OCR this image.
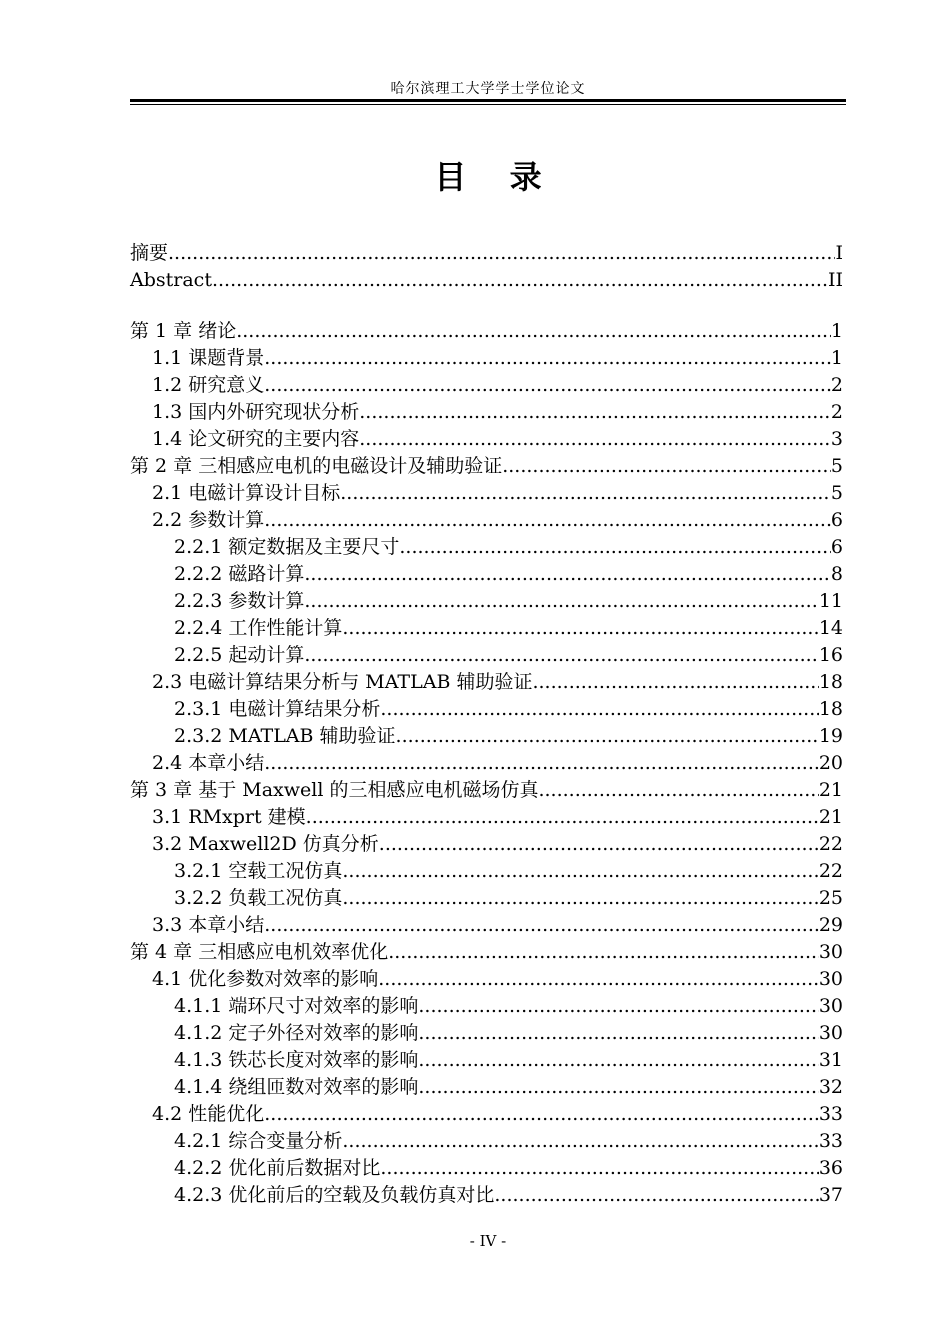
哈尔滨理工大学学士学位论文
目 录
摘要 .....	I
Abstract .....	II
第 1 章 绪论 .....	1
1.1 课题背景 .....	1
1.2 研究意义 .....	2
1.3 国内外研究现状分析 .....	2
1.4 论文研究的主要内容 .....	3
第 2 章 三相感应电机的电磁设计及辅助验证 .....	5
2.1 电磁计算设计目标 .....	5
2.2 参数计算 .....	6
2.2.1 额定数据及主要尺寸 .....	6
2.2.2 磁路计算 .....	8
2.2.3 参数计算 .....	11
2.2.4 工作性能计算 .....	14
2.2.5 起动计算 .....	16
2.3 电磁计算结果分析与 MATLAB 辅助验证 .....	18
2.3.1 电磁计算结果分析 .....	18
2.3.2 MATLAB 辅助验证 .....	19
2.4 本章小结 .....	20
第 3 章 基于 Maxwell 的三相感应电机磁场仿真 .....	21
3.1 RMxprt 建模 .....	21
3.2 Maxwell2D 仿真分析 .....	22
3.2.1 空载工况仿真 .....	22
3.2.2 负载工况仿真 .....	25
3.3 本章小结 .....	29
第 4 章 三相感应电机效率优化 .....	30
4.1 优化参数对效率的影响 .....	30
4.1.1 端环尺寸对效率的影响 .....	30
4.1.2 定子外径对效率的影响 .....	30
4.1.3 铁芯长度对效率的影响 .....	31
4.1.4 绕组匝数对效率的影响 .....	32
4.2 性能优化 .....	33
4.2.1 综合变量分析 .....	33
4.2.2 优化前后数据对比 .....	36
4.2.3 优化前后的空载及负载仿真对比 .....	37
- IV -
